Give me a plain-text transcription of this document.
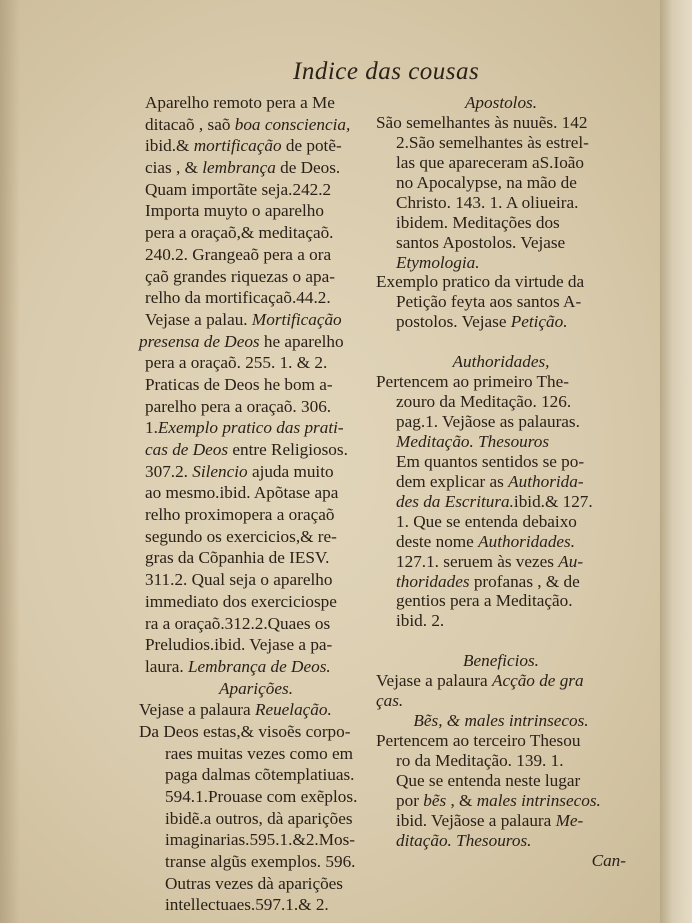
Indice das cousas
Aparelho remoto pera a Me
ditacaõ , saõ boa consciencia,
ibid.& mortificação de potẽ-
cias , & lembrança de Deos.
Quam importãte seja.242.2
Importa muyto o aparelho
pera a oraçaõ,& meditaçaõ.
240.2. Grangeaõ pera a ora
çaõ grandes riquezas o apa-
relho da mortificaçaõ.44.2.
Vejase a palau. Mortificação
presensa de Deos he aparelho
pera a oraçaõ. 255. 1. & 2.
Praticas de Deos he bom a-
parelho pera a oraçaõ. 306.
1.Exemplo pratico das prati-
cas de Deos entre Religiosos.
307.2. Silencio ajuda muito
ao mesmo.ibid. Apõtase apa
relho proximopera a oraçaõ
segundo os exercicios,& re-
gras da Cõpanhia de IESV.
311.2. Qual seja o aparelho
immediato dos exerciciospe
ra a oraçaõ.312.2.Quaes os
Preludios.ibid. Vejase a pa-
laura. Lembrança de Deos.
Aparições.
Vejase a palaura Reuelação.
Da Deos estas,& visoẽs corpo-
raes muitas vezes como em
paga dalmas cõtemplatiuas.
594.1.Prouase com exẽplos.
ibidẽ.a outros, dà aparições
imaginarias.595.1.&2.Mos-
transe algũs exemplos. 596.
Outras vezes dà aparições
intellectuaes.597.1.& 2.
Apostolos.
São semelhantes às nuuẽs. 142
2.São semelhantes às estrel-
las que apareceram aS.Ioão
no Apocalypse, na mão de
Christo. 143. 1. A oliueira.
ibidem. Meditações dos
santos Apostolos. Vejase
Etymologia.
Exemplo pratico da virtude da
Petição feyta aos santos A-
postolos. Vejase Petição.
Authoridades,
Pertencem ao primeiro The-
zouro da Meditação. 126.
pag.1. Vejãose as palauras.
Meditação. Thesouros
Em quantos sentidos se po-
dem explicar as Authorida-
des da Escritura.ibid.& 127.
1. Que se entenda debaixo
deste nome Authoridades.
127.1. seruem às vezes Au-
thoridades profanas , & de
gentios pera a Meditação.
ibid. 2.
Beneficios.
Vejase a palaura Acção de gra
ças.
Bẽs, & males intrinsecos.
Pertencem ao terceiro Thesou
ro da Meditação. 139. 1.
Que se entenda neste lugar
por bẽs , & males intrinsecos.
ibid. Vejãose a palaura Me-
ditação. Thesouros.
Can-
